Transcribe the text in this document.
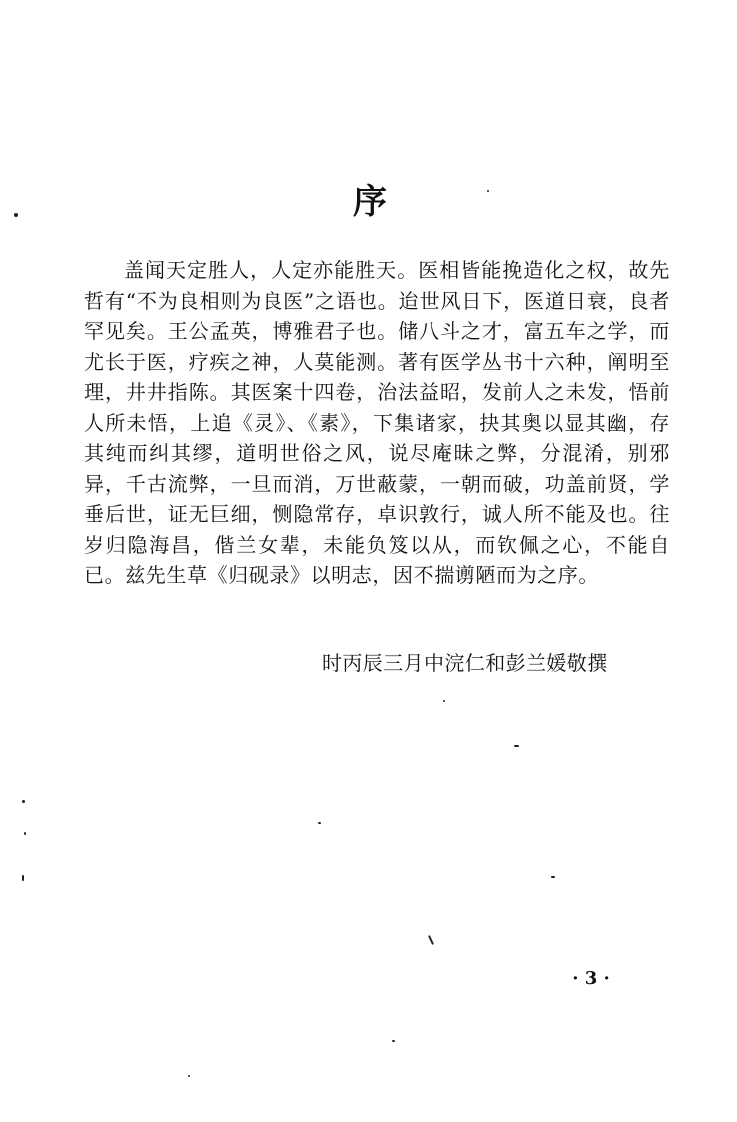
序

盖闻天定胜人，人定亦能胜天。医相皆能挽造化之权，故先哲有“不为良相则为良医”之语也。迨世风日下，医道日衰，良者罕见矣。王公孟英，博雅君子也。储八斗之才，富五车之学，而尤长于医，疗疾之神，人莫能测。著有医学丛书十六种，阐明至理，井井指陈。其医案十四卷，治法益昭，发前人之未发，悟前人所未悟，上追《灵》、《素》，下集诸家，抉其奥以显其幽，存其纯而纠其缪，道明世俗之风，说尽庵昧之弊，分混淆，别邪异，千古流弊，一旦而消，万世蔽蒙，一朝而破，功盖前贤，学垂后世，证无巨细，恻隐常存，卓识敦行，诚人所不能及也。往岁归隐海昌，偕兰女辈，未能负笈以从，而钦佩之心，不能自已。兹先生草《归砚录》以明志，因不揣谫陋而为之序。

时丙辰三月中浣仁和彭兰媛敬撰

· 3 ·
